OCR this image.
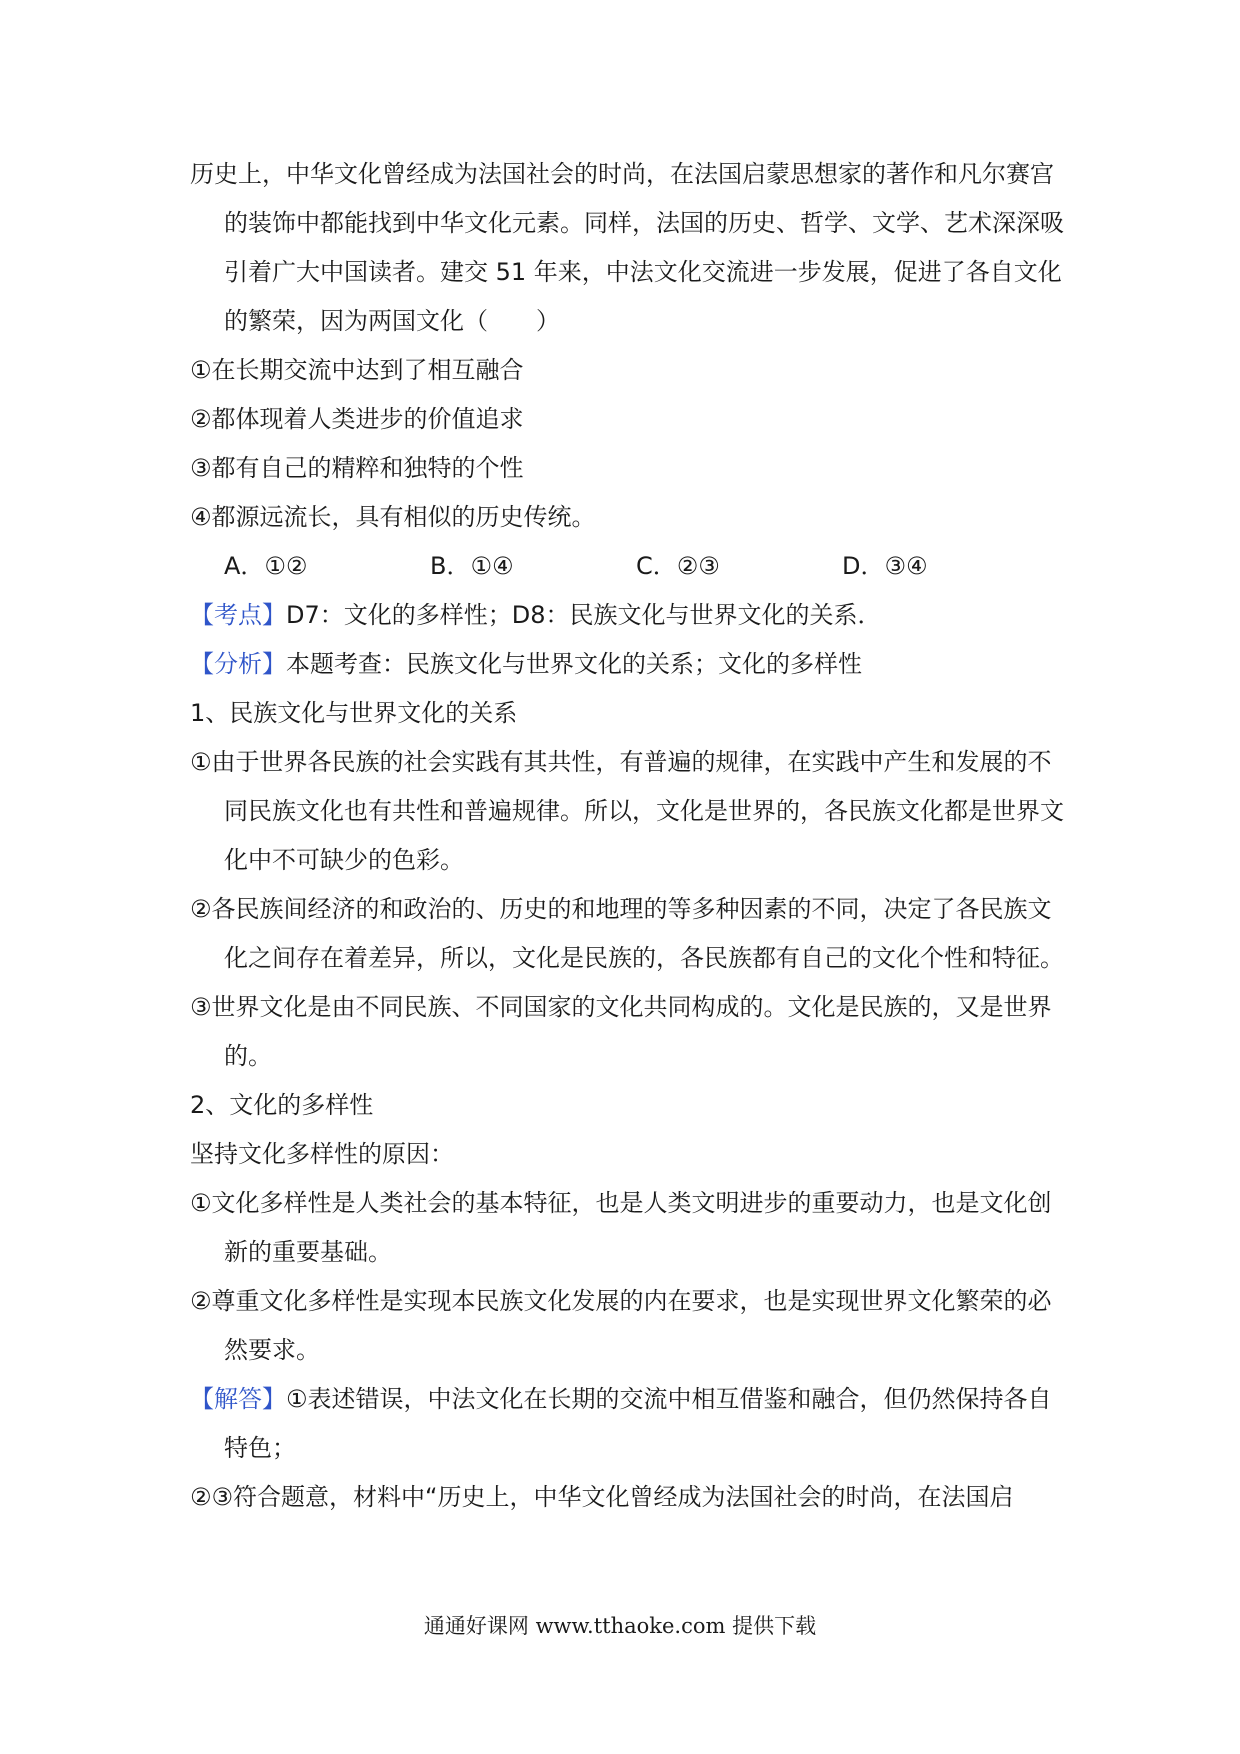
历史上，中华文化曾经成为法国社会的时尚，在法国启蒙思想家的著作和凡尔赛宫的装饰中都能找到中华文化元素。同样，法国的历史、哲学、文学、艺术深深吸引着广大中国读者。建交 51 年来，中法文化交流进一步发展，促进了各自文化的繁荣，因为两国文化（　　）

①在长期交流中达到了相互融合

②都体现着人类进步的价值追求

③都有自己的精粹和独特的个性

④都源远流长，具有相似的历史传统。

A．①②	B．①④	C．②③	D．③④

【考点】D7：文化的多样性；D8：民族文化与世界文化的关系．

【分析】本题考查：民族文化与世界文化的关系；文化的多样性

1、民族文化与世界文化的关系

①由于世界各民族的社会实践有其共性，有普遍的规律，在实践中产生和发展的不同民族文化也有共性和普遍规律。所以，文化是世界的，各民族文化都是世界文化中不可缺少的色彩。

②各民族间经济的和政治的、历史的和地理的等多种因素的不同，决定了各民族文化之间存在着差异，所以，文化是民族的，各民族都有自己的文化个性和特征。

③世界文化是由不同民族、不同国家的文化共同构成的。文化是民族的，又是世界的。

2、文化的多样性

坚持文化多样性的原因：

①文化多样性是人类社会的基本特征，也是人类文明进步的重要动力，也是文化创新的重要基础。

②尊重文化多样性是实现本民族文化发展的内在要求，也是实现世界文化繁荣的必然要求。

【解答】①表述错误，中法文化在长期的交流中相互借鉴和融合，但仍然保持各自特色；

②③符合题意，材料中“历史上，中华文化曾经成为法国社会的时尚，在法国启

通通好课网 www.tthaoke.com 提供下载
